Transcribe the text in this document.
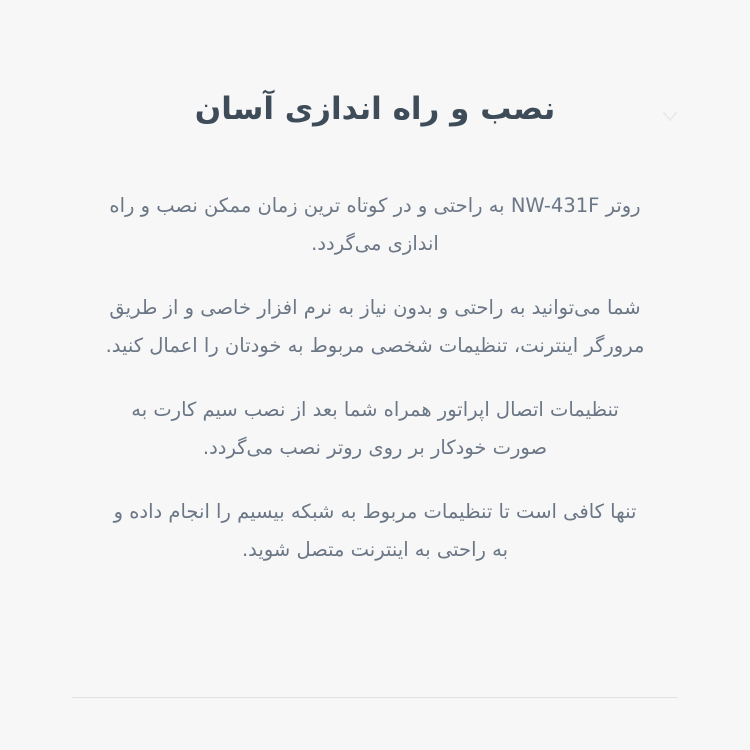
نصب و راه اندازی آسان

روتر NW-431F به راحتی و در کوتاه ترین زمان ممکن نصب و راه اندازی می‌گردد.

شما می‌توانید به راحتی و بدون نیاز به نرم افزار خاصی و از طریق مرورگر اینترنت، تنظیمات شخصی مربوط به خودتان را اعمال کنید.

تنظیمات اتصال اپراتور همراه شما بعد از نصب سیم کارت به صورت خودکار بر روی روتر نصب می‌گردد.

تنها کافی است تا تنظیمات مربوط به شبکه بیسیم را انجام داده و به راحتی به اینترنت متصل شوید.
